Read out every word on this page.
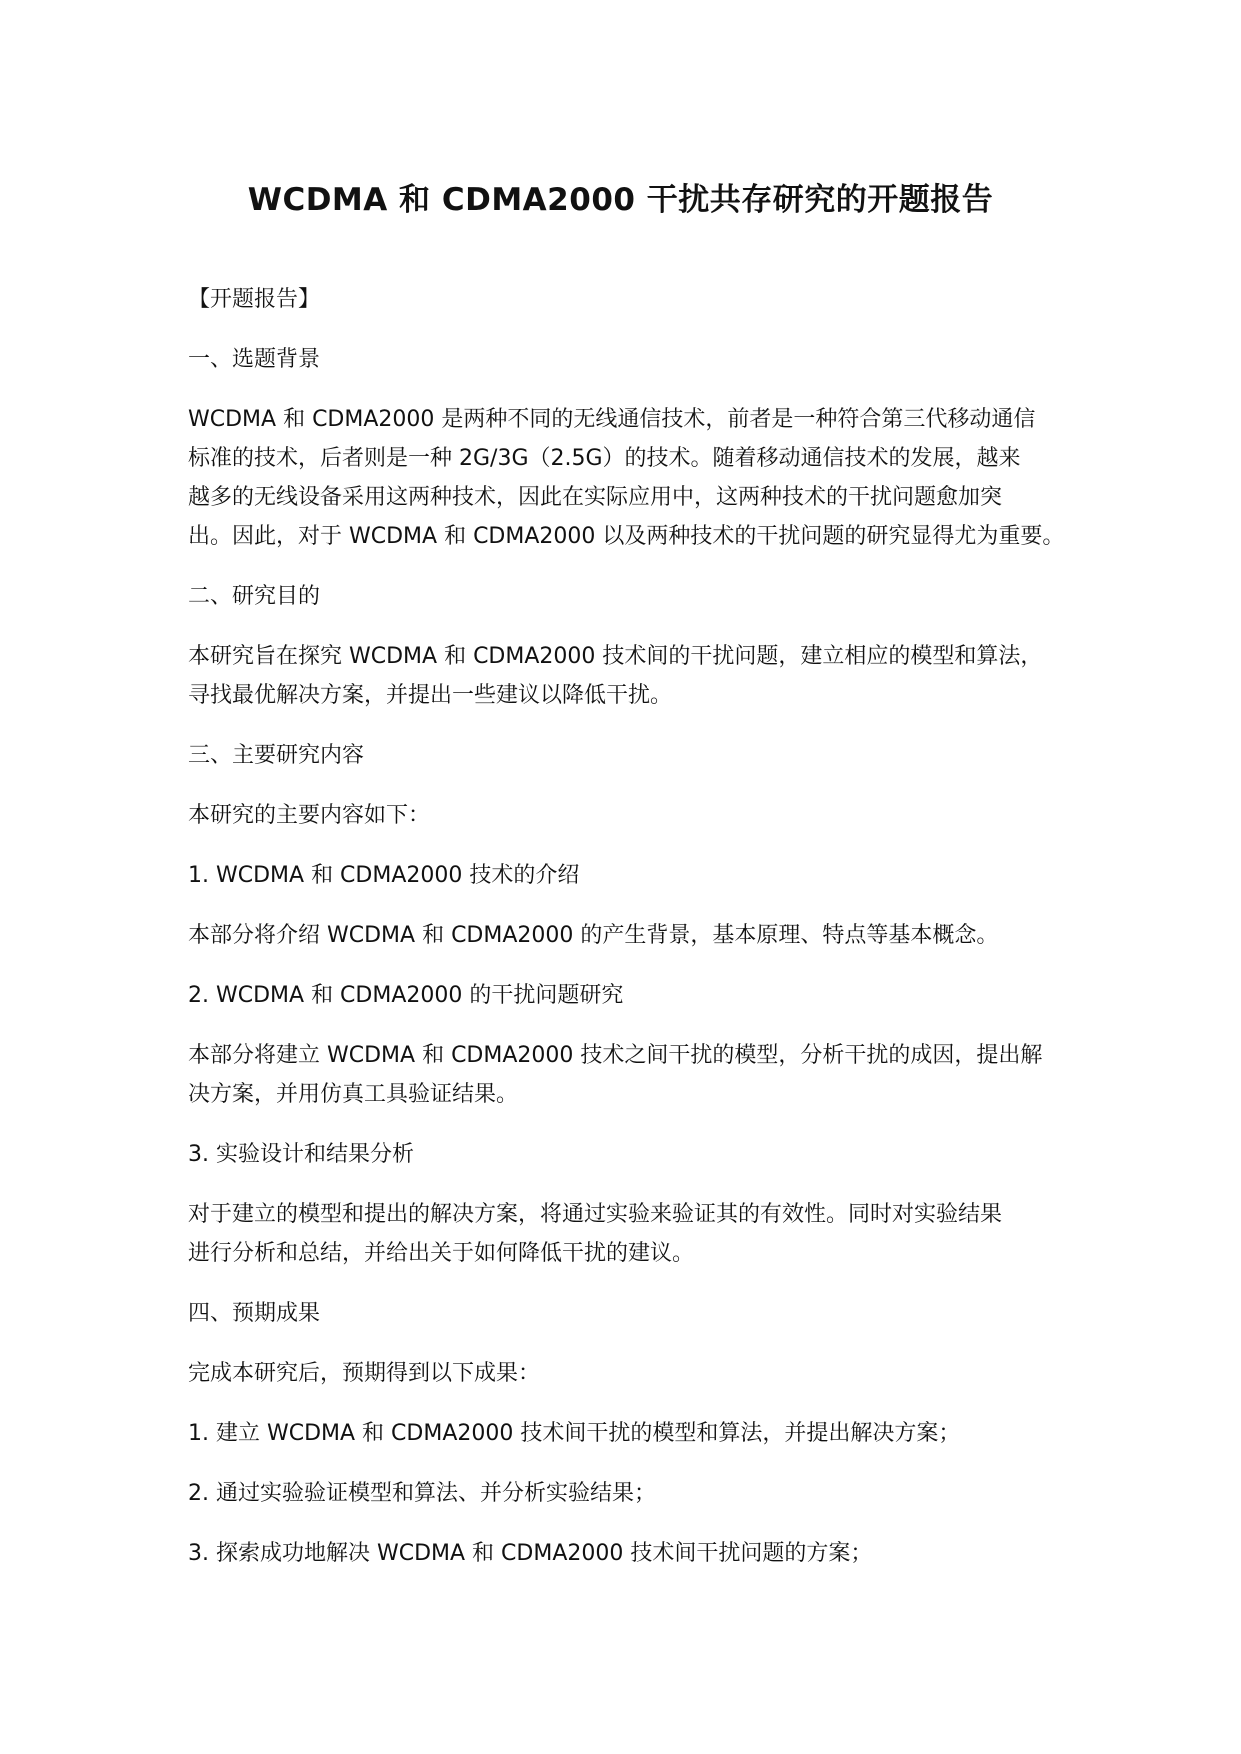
WCDMA 和 CDMA2000 干扰共存研究的开题报告
【开题报告】
一、选题背景
WCDMA 和 CDMA2000 是两种不同的无线通信技术，前者是一种符合第三代移动通信
标准的技术，后者则是一种 2G/3G（2.5G）的技术。随着移动通信技术的发展，越来
越多的无线设备采用这两种技术，因此在实际应用中，这两种技术的干扰问题愈加突
出。因此，对于 WCDMA 和 CDMA2000 以及两种技术的干扰问题的研究显得尤为重要。
二、研究目的
本研究旨在探究 WCDMA 和 CDMA2000 技术间的干扰问题，建立相应的模型和算法，
寻找最优解决方案，并提出一些建议以降低干扰。
三、主要研究内容
本研究的主要内容如下：
1. WCDMA 和 CDMA2000 技术的介绍
本部分将介绍 WCDMA 和 CDMA2000 的产生背景，基本原理、特点等基本概念。
2. WCDMA 和 CDMA2000 的干扰问题研究
本部分将建立 WCDMA 和 CDMA2000 技术之间干扰的模型，分析干扰的成因，提出解
决方案，并用仿真工具验证结果。
3. 实验设计和结果分析
对于建立的模型和提出的解决方案，将通过实验来验证其的有效性。同时对实验结果
进行分析和总结，并给出关于如何降低干扰的建议。
四、预期成果
完成本研究后，预期得到以下成果：
1. 建立 WCDMA 和 CDMA2000 技术间干扰的模型和算法，并提出解决方案；
2. 通过实验验证模型和算法、并分析实验结果；
3. 探索成功地解决 WCDMA 和 CDMA2000 技术间干扰问题的方案；
